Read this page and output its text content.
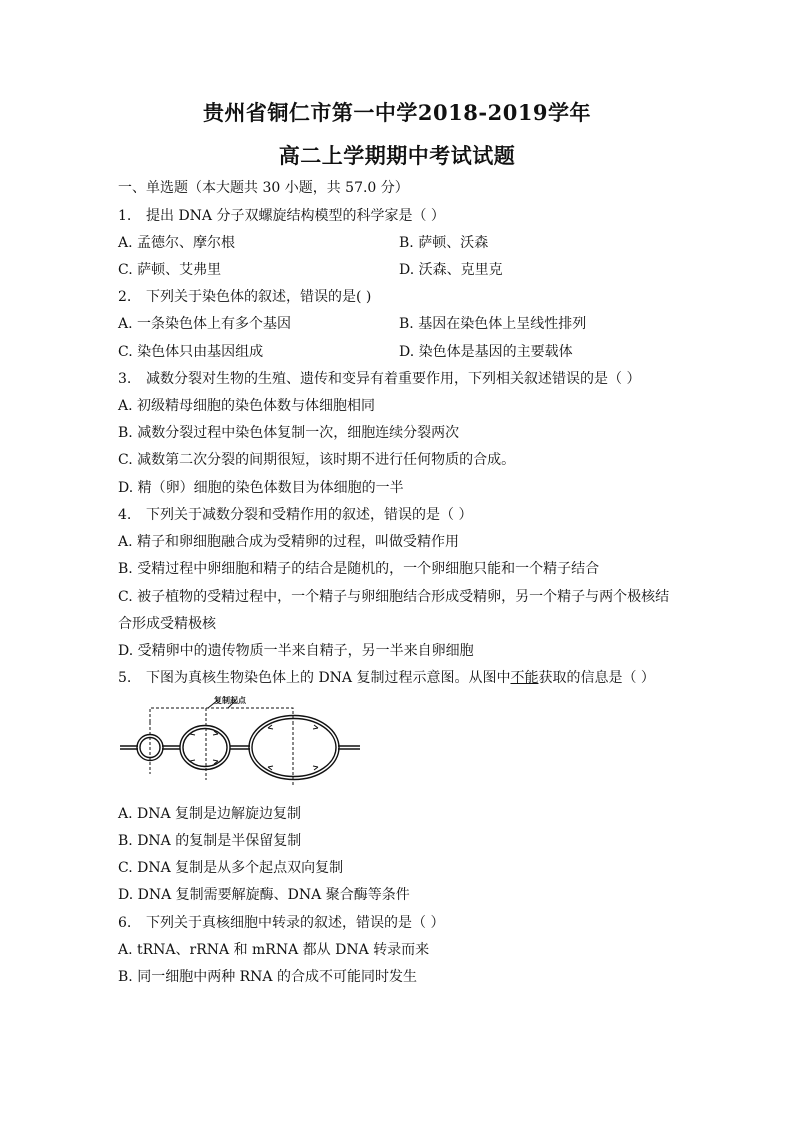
贵州省铜仁市第一中学2018-2019学年
高二上学期期中考试试题
一、单选题（本大题共 30 小题，共 57.0 分）
1. 提出 DNA 分子双螺旋结构模型的科学家是（ ）
A. 孟德尔、摩尔根	B. 萨顿、沃森
C. 萨顿、艾弗里	D. 沃森、克里克
2. 下列关于染色体的叙述，错误的是( )
A. 一条染色体上有多个基因	B. 基因在染色体上呈线性排列
C. 染色体只由基因组成	D. 染色体是基因的主要载体
3. 减数分裂对生物的生殖、遗传和变异有着重要作用，下列相关叙述错误的是（ ）
A. 初级精母细胞的染色体数与体细胞相同
B. 减数分裂过程中染色体复制一次，细胞连续分裂两次
C. 减数第二次分裂的间期很短，该时期不进行任何物质的合成。
D. 精（卵）细胞的染色体数目为体细胞的一半
4. 下列关于减数分裂和受精作用的叙述，错误的是（ ）
A. 精子和卵细胞融合成为受精卵的过程，叫做受精作用
B. 受精过程中卵细胞和精子的结合是随机的，一个卵细胞只能和一个精子结合
C. 被子植物的受精过程中，一个精子与卵细胞结合形成受精卵，另一个精子与两个极核结
合形成受精极核
D. 受精卵中的遗传物质一半来自精子，另一半来自卵细胞
5. 下图为真核生物染色体上的 DNA 复制过程示意图。从图中不能获取的信息是（ ）
复制起点
A. DNA 复制是边解旋边复制
B. DNA 的复制是半保留复制
C. DNA 复制是从多个起点双向复制
D. DNA 复制需要解旋酶、DNA 聚合酶等条件
6. 下列关于真核细胞中转录的叙述，错误的是（ ）
A. tRNA、rRNA 和 mRNA 都从 DNA 转录而来
B. 同一细胞中两种 RNA 的合成不可能同时发生
